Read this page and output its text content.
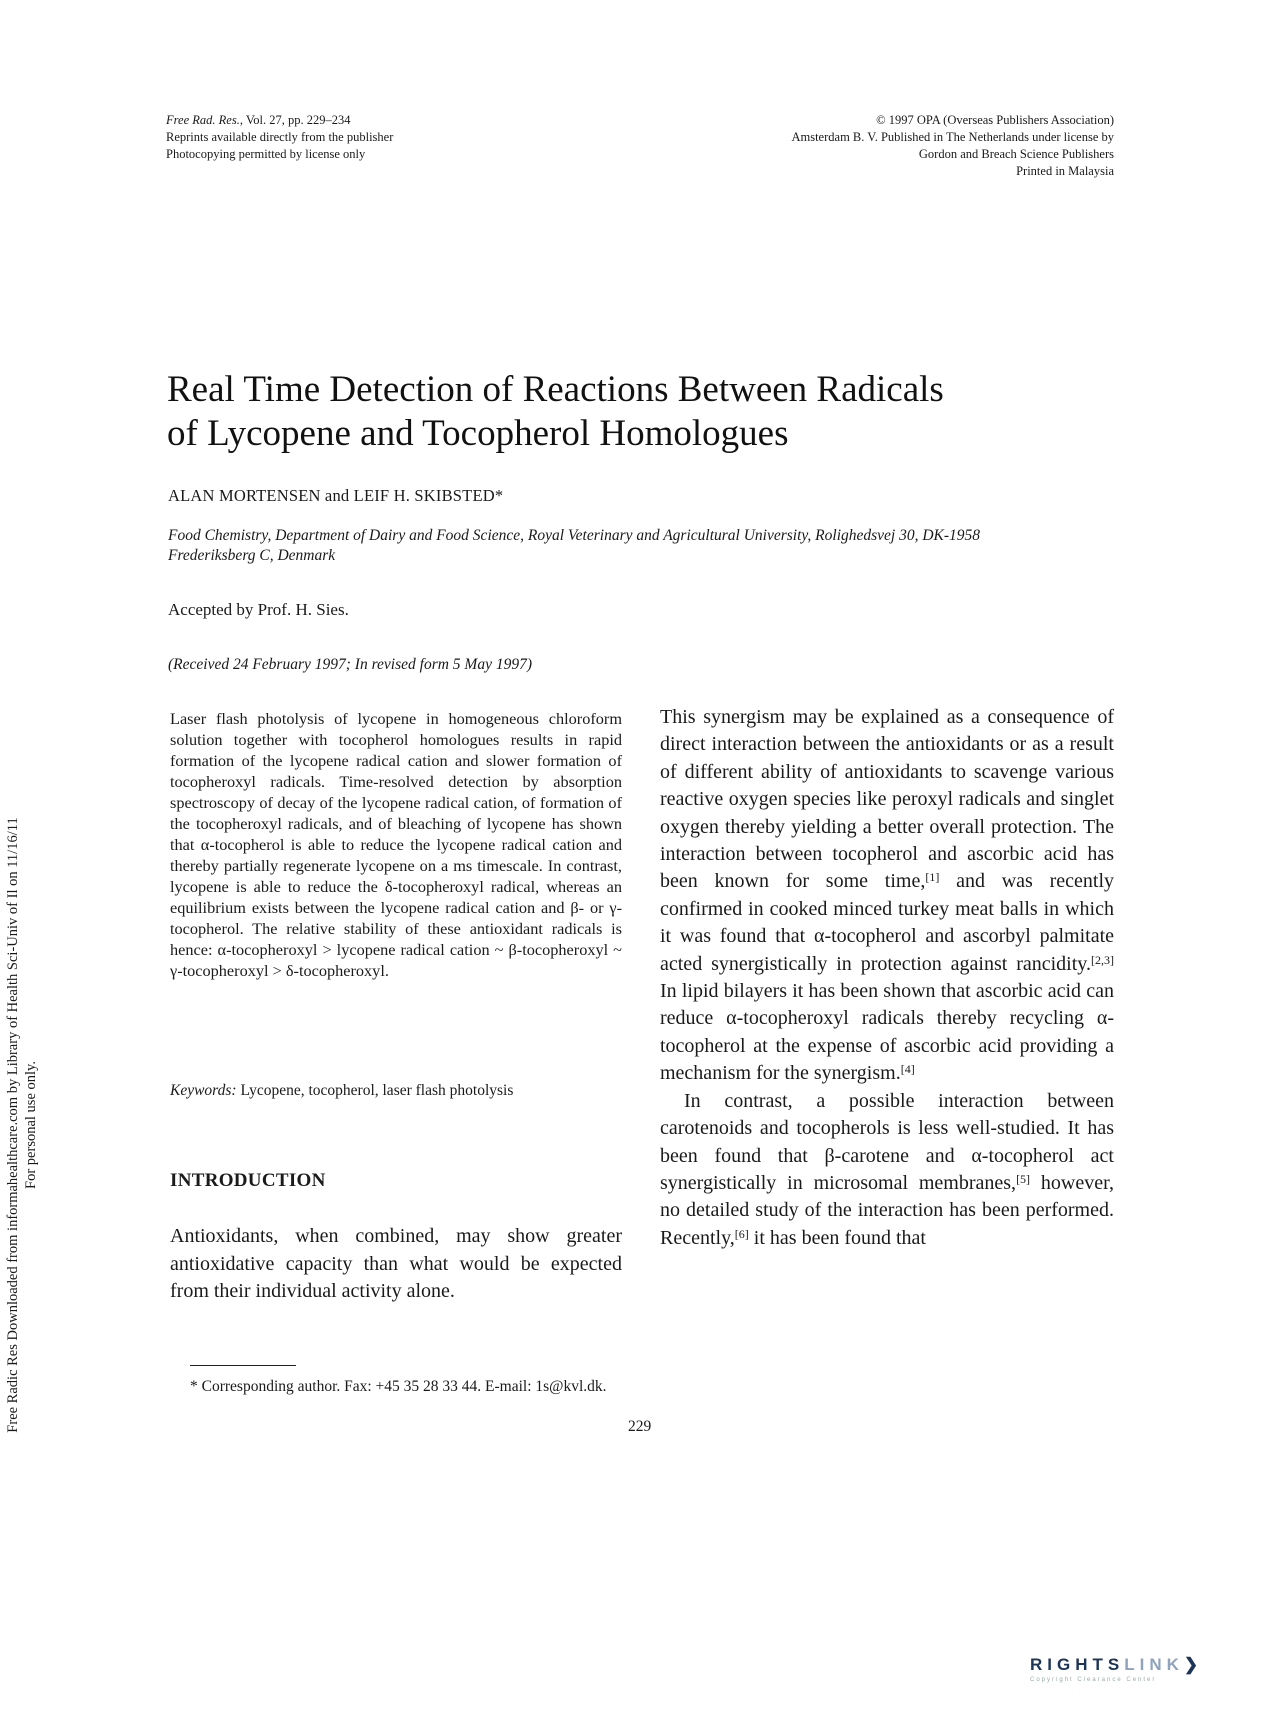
Free Rad. Res., Vol. 27, pp. 229–234
Reprints available directly from the publisher
Photocopying permitted by license only
© 1997 OPA (Overseas Publishers Association)
Amsterdam B. V. Published in The Netherlands under license by
Gordon and Breach Science Publishers
Printed in Malaysia
Free Radic Res Downloaded from informahealthcare.com by Library of Health Sci-Univ of Il on 11/16/11 For personal use only.
Real Time Detection of Reactions Between Radicals
of Lycopene and Tocopherol Homologues
ALAN MORTENSEN and LEIF H. SKIBSTED*
Food Chemistry, Department of Dairy and Food Science, Royal Veterinary and Agricultural University, Rolighedsvej 30, DK-1958
Frederiksberg C, Denmark
Accepted by Prof. H. Sies.
(Received 24 February 1997; In revised form 5 May 1997)
Laser flash photolysis of lycopene in homogeneous chloroform solution together with tocopherol homologues results in rapid formation of the lycopene radical cation and slower formation of tocopheroxyl radicals. Time-resolved detection by absorption spectroscopy of decay of the lycopene radical cation, of formation of the tocopheroxyl radicals, and of bleaching of lycopene has shown that α-tocopherol is able to reduce the lycopene radical cation and thereby partially regenerate lycopene on a ms timescale. In contrast, lycopene is able to reduce the δ-tocopheroxyl radical, whereas an equilibrium exists between the lycopene radical cation and β- or γ-tocopherol. The relative stability of these antioxidant radicals is hence: α-tocopheroxyl > lycopene radical cation ~ β-tocopheroxyl ~ γ-tocopheroxyl > δ-tocopheroxyl.
Keywords: Lycopene, tocopherol, laser flash photolysis
INTRODUCTION
Antioxidants, when combined, may show greater antioxidative capacity than what would be expected from their individual activity alone.

This synergism may be explained as a consequence of direct interaction between the antioxidants or as a result of different ability of antioxidants to scavenge various reactive oxygen species like peroxyl radicals and singlet oxygen thereby yielding a better overall protection. The interaction between tocopherol and ascorbic acid has been known for some time,[1] and was recently confirmed in cooked minced turkey meat balls in which it was found that α-tocopherol and ascorbyl palmitate acted synergistically in protection against rancidity.[2,3] In lipid bilayers it has been shown that ascorbic acid can reduce α-tocopheroxyl radicals thereby recycling α-tocopherol at the expense of ascorbic acid providing a mechanism for the synergism.[4]

In contrast, a possible interaction between carotenoids and tocopherols is less well-studied. It has been found that β-carotene and α-tocopherol act synergistically in microsomal membranes,[5] however, no detailed study of the interaction has been performed. Recently,[6] it has been found that

* Corresponding author. Fax: +45 35 28 33 44. E-mail: 1s@kvl.dk.
229
RIGHTSLINK❯
Copyright Clearance Center
